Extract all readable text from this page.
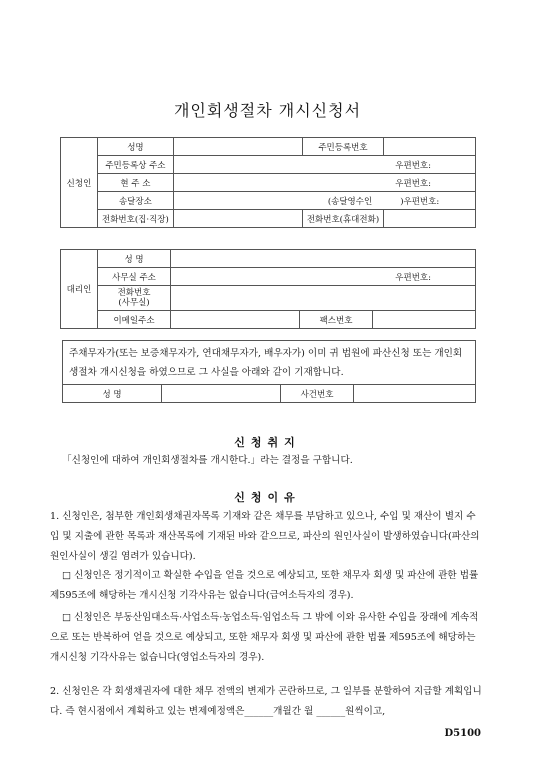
개인회생절차 개시신청서
신청인	성명		주민등록번호	
	주민등록상 주소	우편번호:		
	현 주 소	우편번호:		
	송달장소	(송달영수인 )우편번호:		
	전화번호(집·직장)		전화번호(휴대전화)	
대리인	성 명			
	사무실 주소	우편번호:		
	전화번호
(사무실)			
	이메일주소		팩스번호	
주채무자가(또는 보증채무자가, 연대채무자가, 배우자가) 이미 귀 법원에 파산신청 또는 개인회생절차 개시신청을 하였으므로 그 사실을 아래와 같이 기재합니다.
성 명		사건번호	
신청취지
「신청인에 대하여 개인회생절차를 개시한다.」라는 결정을 구합니다.
신청이유
1. 신청인은, 첨부한 개인회생채권자목록 기재와 같은 채무를 부담하고 있으나, 수입 및 재산이 별지 수입 및 지출에 관한 목록과 재산목록에 기재된 바와 같으므로, 파산의 원인사실이 발생하였습니다(파산의 원인사실이 생길 염려가 있습니다).
□ 신청인은 정기적이고 확실한 수입을 얻을 것으로 예상되고, 또한 채무자 회생 및 파산에 관한 법률 제595조에 해당하는 개시신청 기각사유는 없습니다(급여소득자의 경우).
□ 신청인은 부동산임대소득·사업소득·농업소득·임업소득 그 밖에 이와 유사한 수입을 장래에 계속적으로 또는 반복하여 얻을 것으로 예상되고, 또한 채무자 회생 및 파산에 관한 법률 제595조에 해당하는 개시신청 기각사유는 없습니다(영업소득자의 경우).
2. 신청인은 각 회생채권자에 대한 채무 전액의 변제가 곤란하므로, 그 일부를 분할하여 지급할 계획입니다. 즉 현시점에서 계획하고 있는 변제예정액은______개월간 월 ______원씩이고,
D5100
